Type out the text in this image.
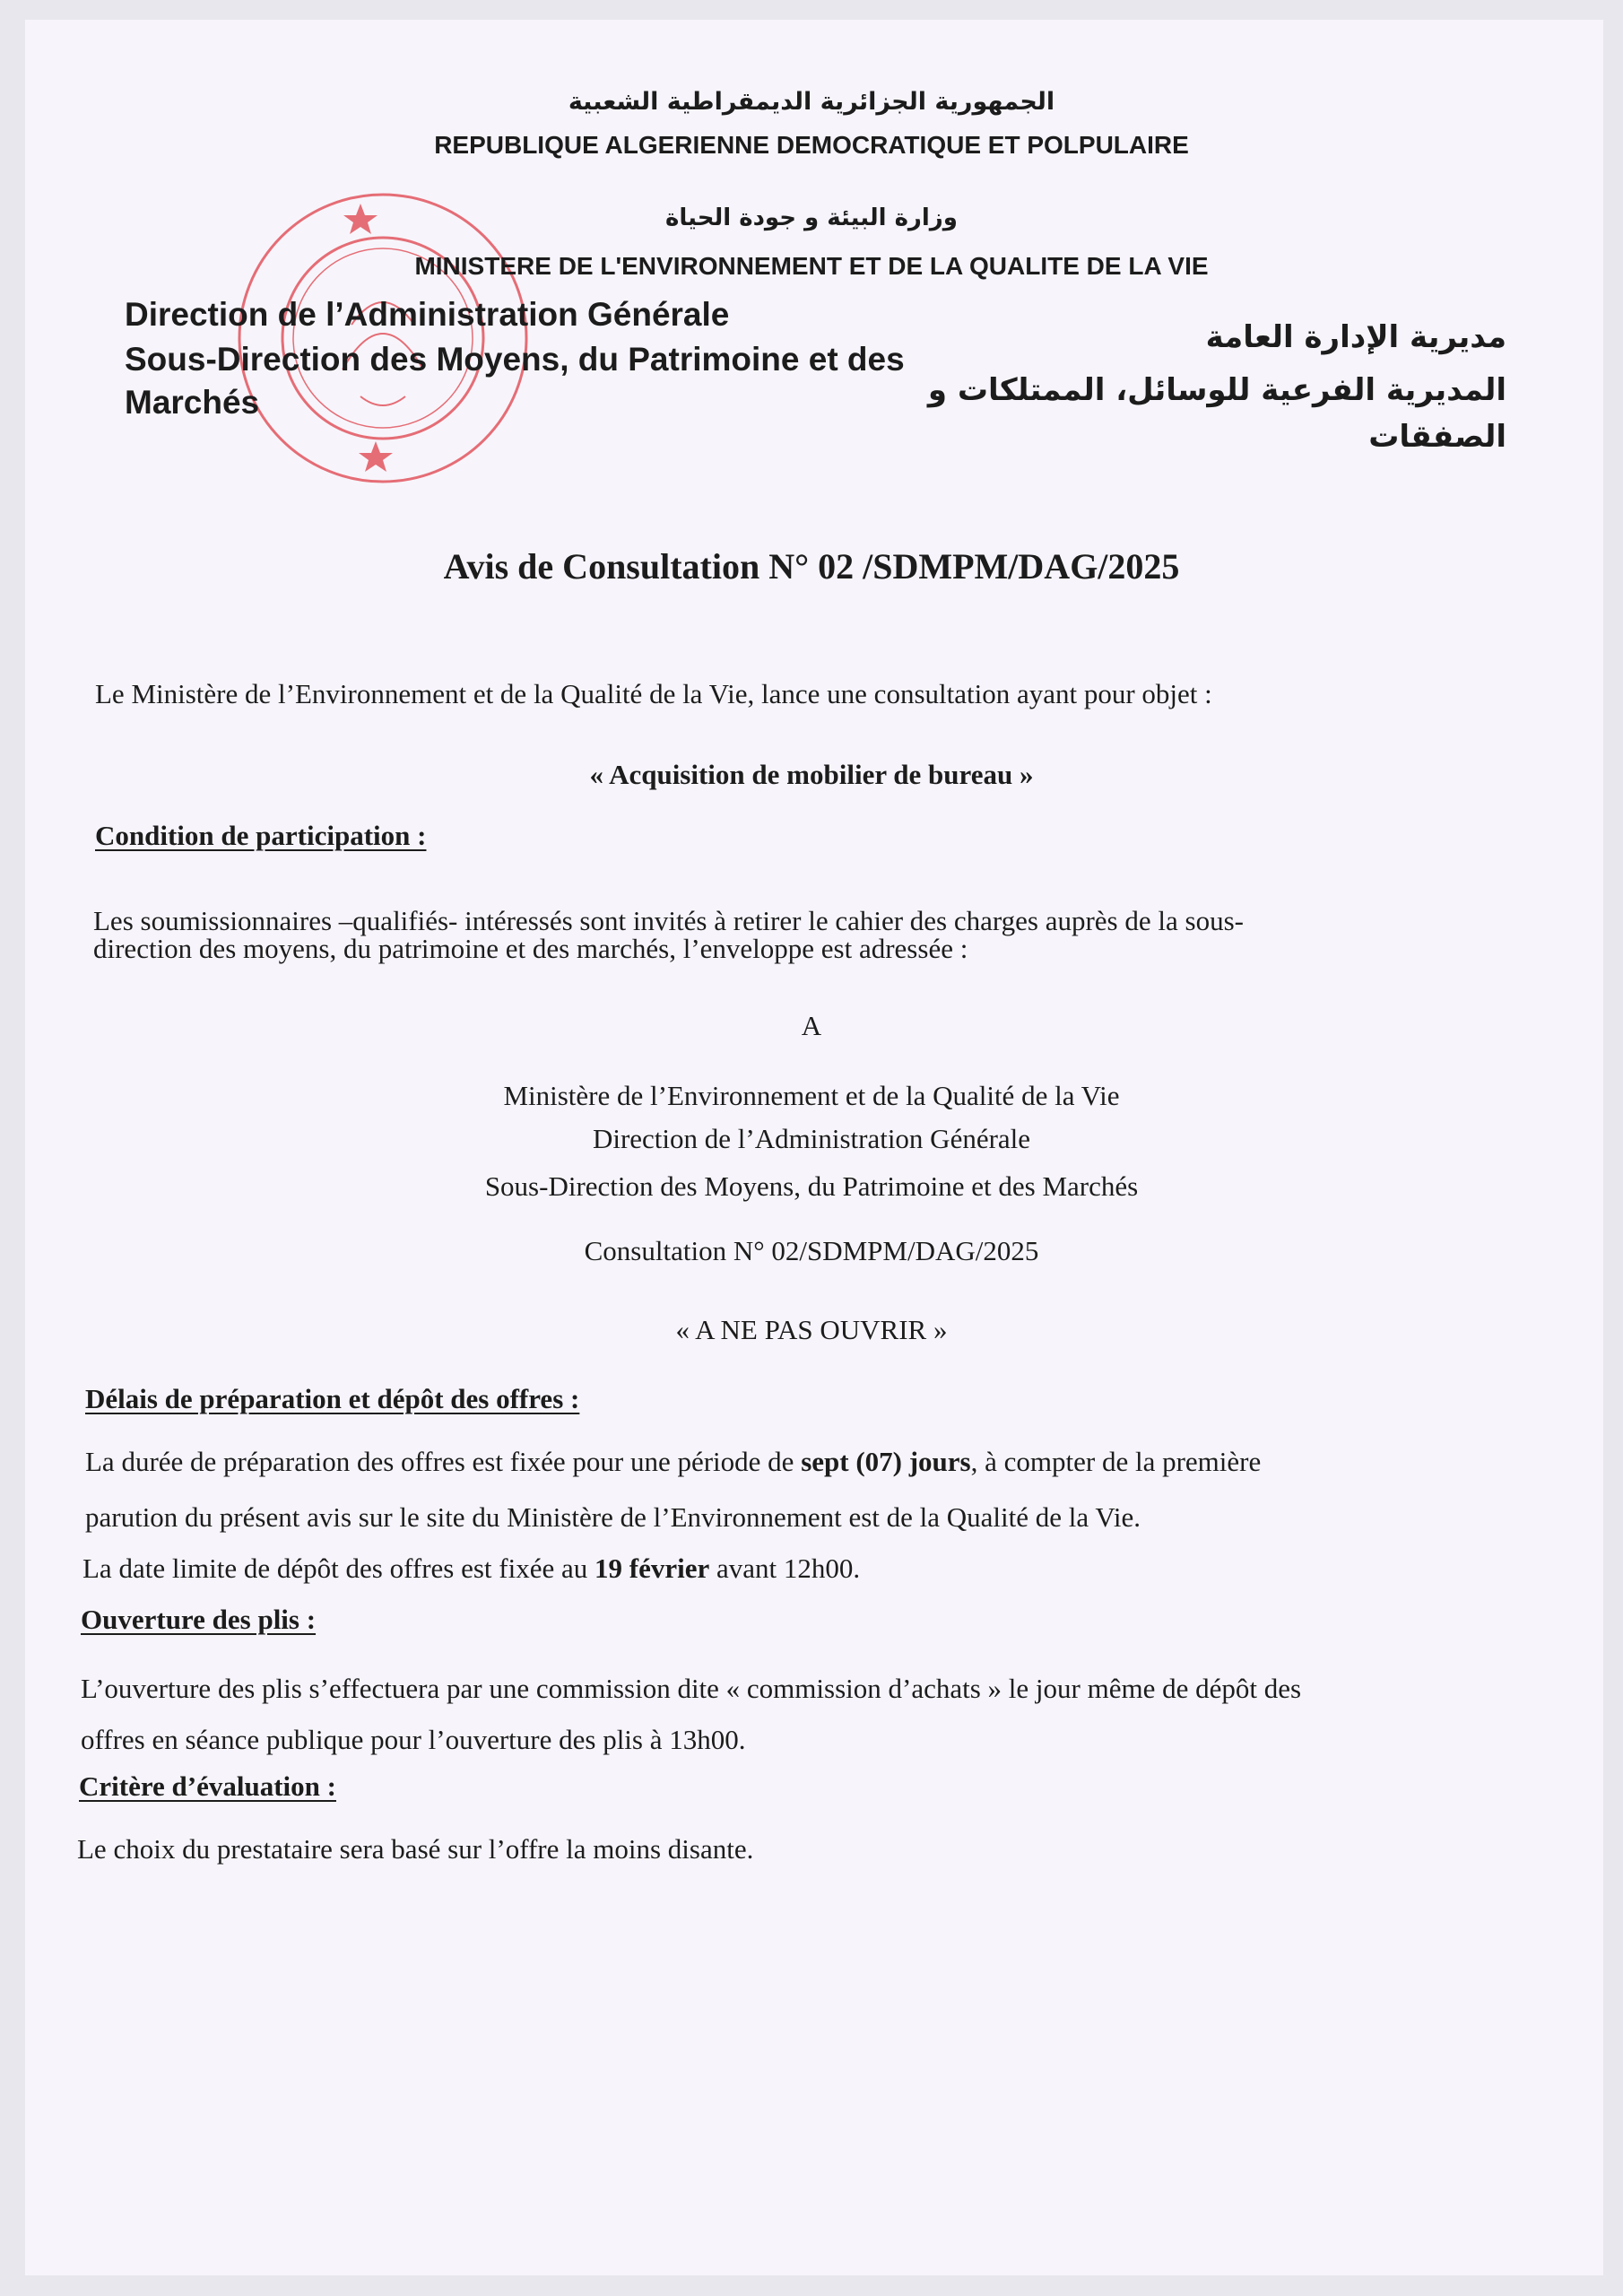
الجمهورية الجزائرية الديمقراطية الشعبية
REPUBLIQUE ALGERIENNE DEMOCRATIQUE ET POLPULAIRE
وزارة البيئة و جودة الحياة
MINISTERE DE L'ENVIRONNEMENT ET DE LA QUALITE DE LA VIE
Direction de l’Administration Générale
Sous-Direction des Moyens, du Patrimoine et des
Marchés
مديرية الإدارة العامة
المديرية الفرعية للوسائل، الممتلكات و
الصفقات
Avis de Consultation N° 02 /SDMPM/DAG/2025
Le Ministère de l’Environnement et de la Qualité de la Vie, lance une consultation ayant pour objet :
« Acquisition de mobilier de bureau »
Condition de participation :
Les soumissionnaires –qualifiés- intéressés sont invités à retirer le cahier des charges auprès de la sous-
direction des moyens, du patrimoine et des marchés, l’enveloppe est adressée :
A
Ministère de l’Environnement et de la Qualité de la Vie
Direction de l’Administration Générale
Sous-Direction des Moyens, du Patrimoine et des Marchés
Consultation N° 02/SDMPM/DAG/2025
« A NE PAS OUVRIR »
Délais de préparation et dépôt des offres :
La durée de préparation des offres est fixée pour une période de sept (07) jours, à compter de la première
parution du présent avis sur le site du Ministère de l’Environnement est de la Qualité de la Vie.
La date limite de dépôt des offres est fixée au 19 février avant 12h00.
Ouverture des plis :
L’ouverture des plis s’effectuera par une commission dite « commission d’achats » le jour même de dépôt des
offres en séance publique pour l’ouverture des plis à 13h00.
Critère d’évaluation :
Le choix du prestataire sera basé sur l’offre la moins disante.
